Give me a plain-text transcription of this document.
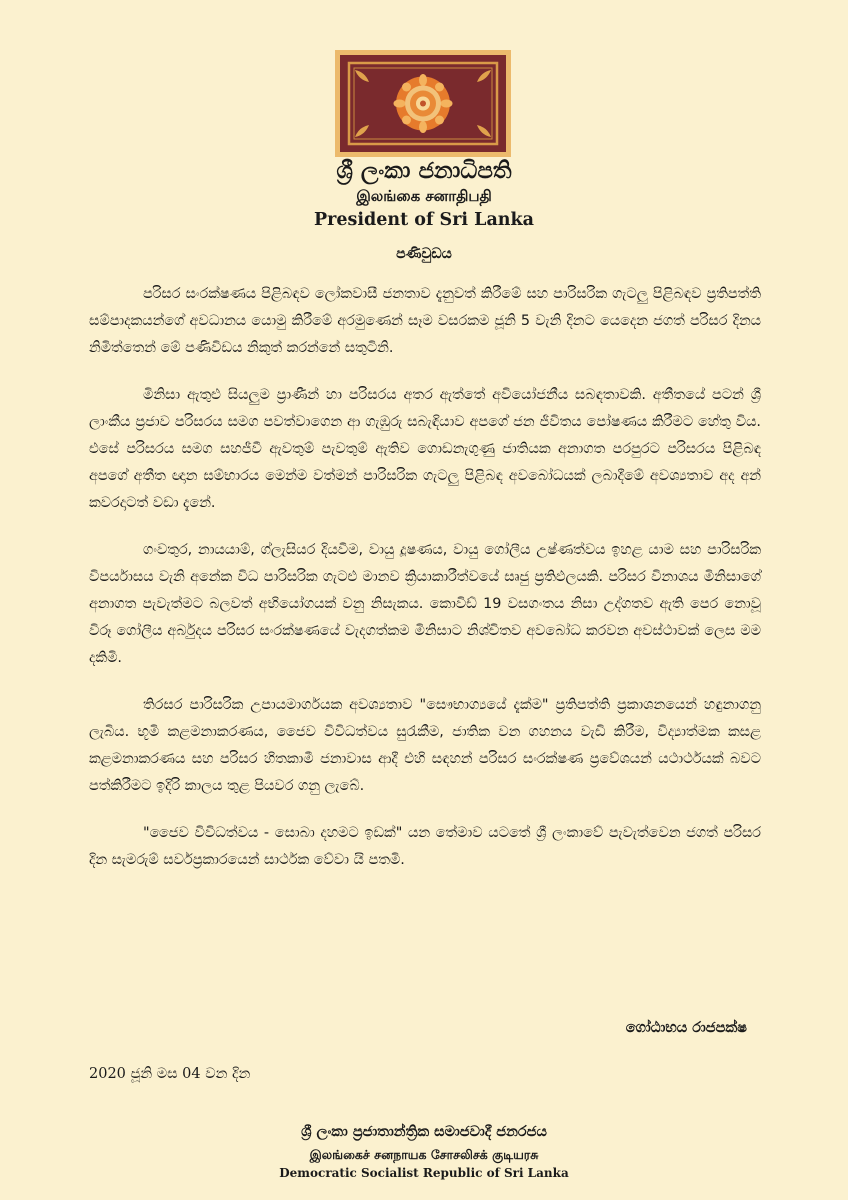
ශ්‍රී ලංකා ජනාධිපති
இலங்கை சனாதிபதி
President of Sri Lanka
පණිවුඩය

පරිසර සංරක්ෂණය පිළිබඳව ලෝකවාසී ජනතාව දැනුවත් කිරීමේ සහ පාරිසරික ගැටලු පිළිබඳව ප්‍රතිපත්ති සම්පාදකයන්ගේ අවධානය යොමු කිරීමේ අරමුණෙන් සෑම වසරකම ජූනි 5 වැනි දිනට යෙදෙන ජගත් පරිසර දිනය නිමිත්තෙන් මේ පණිවිඩය නිකුත් කරන්නේ සතුටිනි.

මිනිසා ඇතුළු සියලුම ප්‍රාණීන් හා පරිසරය අතර ඇත්තේ අවියෝජනීය සබඳතාවකි. අතීතයේ පටන් ශ්‍රී ලාංකීය ප්‍රජාව පරිසරය සමග පවත්වාගෙන ආ ගැඹුරු සබැඳියාව අපගේ ජන ජීවිතය පෝෂණය කිරීමට හේතු විය. එසේ පරිසරය සමග සහජීවී ඇවතුම් පැවතුම් ඇතිව ගොඩනැගුණු ජාතියක අනාගත පරපුරට පරිසරය පිළිබඳ අපගේ අතීත ඥාන සම්භාරය මෙන්ම වත්මන් පාරිසරික ගැටලු පිළිබඳ අවබෝධයක් ලබාදීමේ අවශ්‍යතාව අද අන් කවරදාටත් වඩා දැනේ.

ගංවතුර, නායයාම්, ග්ලැසියර දියවීම, වායු දූෂණය, වායු ගෝලීය උෂ්ණත්වය ඉහළ යාම සහ පාරිසරික විපර්යාසය වැනි අනේක විධ පාරිසරික ගැටළු මානව ක්‍රියාකාරීත්වයේ සෘජු ප්‍රතිඵලයකි. පරිසර විනාශය මිනිසාගේ අනාගත පැවැත්මට බලවත් අභියෝගයක් වනු නිසැකය. කොවිඩ් 19 වසගංතය නිසා උද්ගතව ඇති පෙර නොවූ විරූ ගෝලීය අර්බුදය පරිසර සංරක්ෂණයේ වැදගත්කම මිනිසාට නිශ්චිතව අවබෝධ කරවන අවස්ථාවක් ලෙස මම දකිමි.

තිරසර පාරිසරික උපායමාර්ගයක අවශ්‍යතාව "සෞභාග්‍යයේ දැක්ම" ප්‍රතිපත්ති ප්‍රකාශනයෙන් හඳුනාගනු ලැබිය. භූමි කළමනාකරණය, ජෛව විවිධත්වය සුරැකීම, ජාතික වන ගහනය වැඩි කිරීම, විද්‍යාත්මක කසළ කළමනාකරණය සහ පරිසර හිතකාමී ජනාවාස ආදී එහි සඳහන් පරිසර සංරක්ෂණ ප්‍රවේශයන් යථාර්ථයක් බවට පත්කිරීමට ඉදිරි කාලය තුළ පියවර ගනු ලැබේ.

"ජෛව විවිධත්වය - සොබා දහමට ඉඩක්" යන තේමාව යටතේ ශ්‍රී ලංකාවේ පැවැත්වෙන ජගත් පරිසර දින සැමරුම් සර්වප්‍රකාරයෙන් සාර්ථක වේවා යි පතමි.

ගෝඨාභය රාජපක්ෂ
2020 ජූනි මස 04 වන දින
ශ්‍රී ලංකා ප්‍රජාතාන්ත්‍රික සමාජවාදී ජනරජය
இலங்கைச் சனநாயக சோசலிசக் குடியரசு
Democratic Socialist Republic of Sri Lanka
